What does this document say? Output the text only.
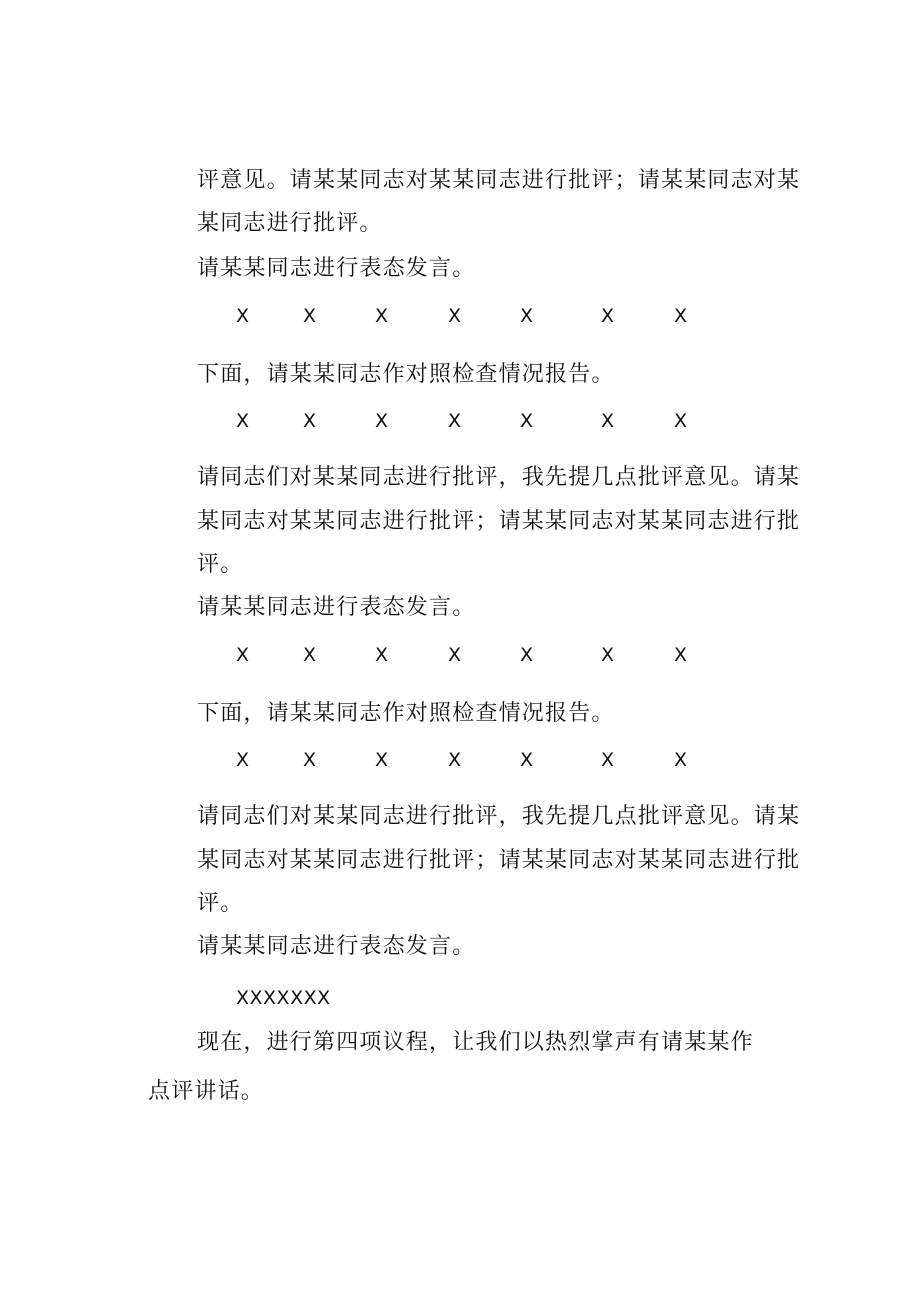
评意见。请某某同志对某某同志进行批评；请某某同志对某
某同志进行批评。
请某某同志进行表态发言。
X	X	X	X	X	X	X
下面，请某某同志作对照检查情况报告。
X	X	X	X	X	X	X
请同志们对某某同志进行批评，我先提几点批评意见。请某
某同志对某某同志进行批评；请某某同志对某某同志进行批
评。
请某某同志进行表态发言。
X	X	X	X	X	X	X
下面，请某某同志作对照检查情况报告。
X	X	X	X	X	X	X
请同志们对某某同志进行批评，我先提几点批评意见。请某
某同志对某某同志进行批评；请某某同志对某某同志进行批
评。
请某某同志进行表态发言。
XXXXXXX
现在，进行第四项议程，让我们以热烈掌声有请某某作
点评讲话。
